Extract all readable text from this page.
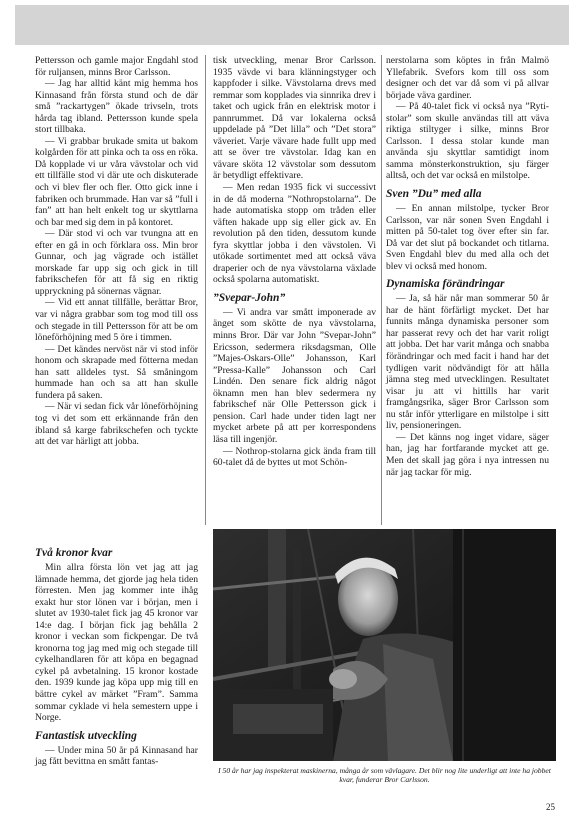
Pettersson och gamle major Engdahl stod för ruljansen, minns Bror Carlsson.

— Jag har alltid känt mig hemma hos Kinnasand från första stund och de där små ”rackartygen” ökade trivseln, trots hårda tag ibland. Pettersson kunde spela stort tillbaka.

— Vi grabbar brukade smita ut bakom kolgården för att pinka och ta oss en röka. Då kopplade vi ur våra vävstolar och vid ett tillfälle stod vi där ute och diskuterade och vi blev fler och fler. Otto gick inne i fabriken och brummade. Han var så ”full i fan” att han helt enkelt tog ur skyttlarna och bar med sig dem in på kontoret.

— Där stod vi och var tvungna att en efter en gå in och förklara oss. Min bror Gunnar, och jag vägrade och istället morskade far upp sig och gick in till fabrikschefen för att få sig en riktig uppryckning på sönernas vägnar.

— Vid ett annat tillfälle, berättar Bror, var vi några grabbar som tog mod till oss och stegade in till Pettersson för att be om löneförhöjning med 5 öre i timmen.

— Det kändes nervöst när vi stod inför honom och skrapade med fötterna medan han satt alldeles tyst. Så småningom hummade han och sa att han skulle fundera på saken.

— När vi sedan fick vår löneförhöjning tog vi det som ett erkännande från den ibland så karge fabrikschefen och tyckte att det var härligt att jobba.

Två kronor kvar

Min allra första lön vet jag att jag lämnade hemma, det gjorde jag hela tiden förresten. Men jag kommer inte ihåg exakt hur stor lönen var i början, men i slutet av 1930-talet fick jag 45 kronor var 14:e dag. I början fick jag behålla 2 kronor i veckan som fickpengar. De två kronorna tog jag med mig och stegade till cykelhandlaren för att köpa en begagnad cykel på avbetalning. 15 kronor kostade den. 1939 kunde jag köpa upp mig till en bättre cykel av märket ”Fram”. Samma sommar cyklade vi hela semestern uppe i Norge.

Fantastisk utveckling

— Under mina 50 år på Kinnasand har jag fått bevittna en smått fantas-

tisk utveckling, menar Bror Carlsson. 1935 vävde vi bara klänningstyger och kappfoder i silke. Vävstolarna drevs med remmar som kopplades via sinnrika drev i taket och ugick från en elektrisk motor i pannrummet. Då var lokalerna också uppdelade på ”Det lilla” och ”Det stora” väveriet. Varje vävare hade fullt upp med att se över tre vävstolar. Idag kan en vävare sköta 12 vävstolar som dessutom är betydligt effektivare.

— Men redan 1935 fick vi successivt in de då moderna ”Nothropstolarna”. De hade automatiska stopp om tråden eller väften hakade upp sig eller gick av. En revolution på den tiden, dessutom kunde fyra skyttlar jobba i den vävstolen. Vi utökade sortimentet med att också väva draperier och de nya vävstolarna växlade också spolarna automatiskt.

”Svepar-John”

— Vi andra var smått imponerade av änget som skötte de nya vävstolarna, minns Bror. Där var John ”Svepar-John” Ericsson, sedermera riksdagsman, Olle ”Majes-Oskars-Olle” Johansson, Karl ”Pressa-Kalle” Johansson och Carl Lindén. Den senare fick aldrig något öknamn men han blev sedermera ny fabrikschef när Olle Pettersson gick i pension. Carl hade under tiden lagt ner mycket arbete på att per korrespondens läsa till ingenjör.

— Nothrop-stolarna gick ända fram till 60-talet då de byttes ut mot Schön-

nerstolarna som köptes in från Malmö Yllefabrik. Svefors kom till oss som designer och det var då som vi på allvar började väva gardiner.

— På 40-talet fick vi också nya ”Ryti-stolar” som skulle användas till att väva riktiga stiltyger i silke, minns Bror Carlsson. I dessa stolar kunde man använda sju skyttlar samtidigt inom samma mönsterkonstruktion, sju färger alltså, och det var också en milstolpe.

Sven ”Du” med alla

— En annan milstolpe, tycker Bror Carlsson, var när sonen Sven Engdahl i mitten på 50-talet tog över efter sin far. Då var det slut på bockandet och titlarna. Sven Engdahl blev du med alla och det blev vi också med honom.

Dynamiska förändringar

— Ja, så här når man sommerar 50 år har de hänt förfärligt mycket. Det har funnits många dynamiska personer som har passerat revy och det har varit roligt att jobba. Det har varit många och snabba förändringar och med facit i hand har det tydligen varit nödvändigt för att hålla jämna steg med utvecklingen. Resultatet visar ju att vi hittills har varit framgångsrika, säger Bror Carlsson som nu står inför ytterligare en milstolpe i sitt liv, pensioneringen.

— Det känns nog inget vidare, säger han, jag har fortfarande mycket att ge. Men det skall jag göra i nya intressen nu när jag tackar för mig.

I 50 år har jag inspekterat maskinerna, många år som vävlagare. Det blir nog lite underligt att inte ha jobbet kvar, funderar Bror Carlsson.
25
